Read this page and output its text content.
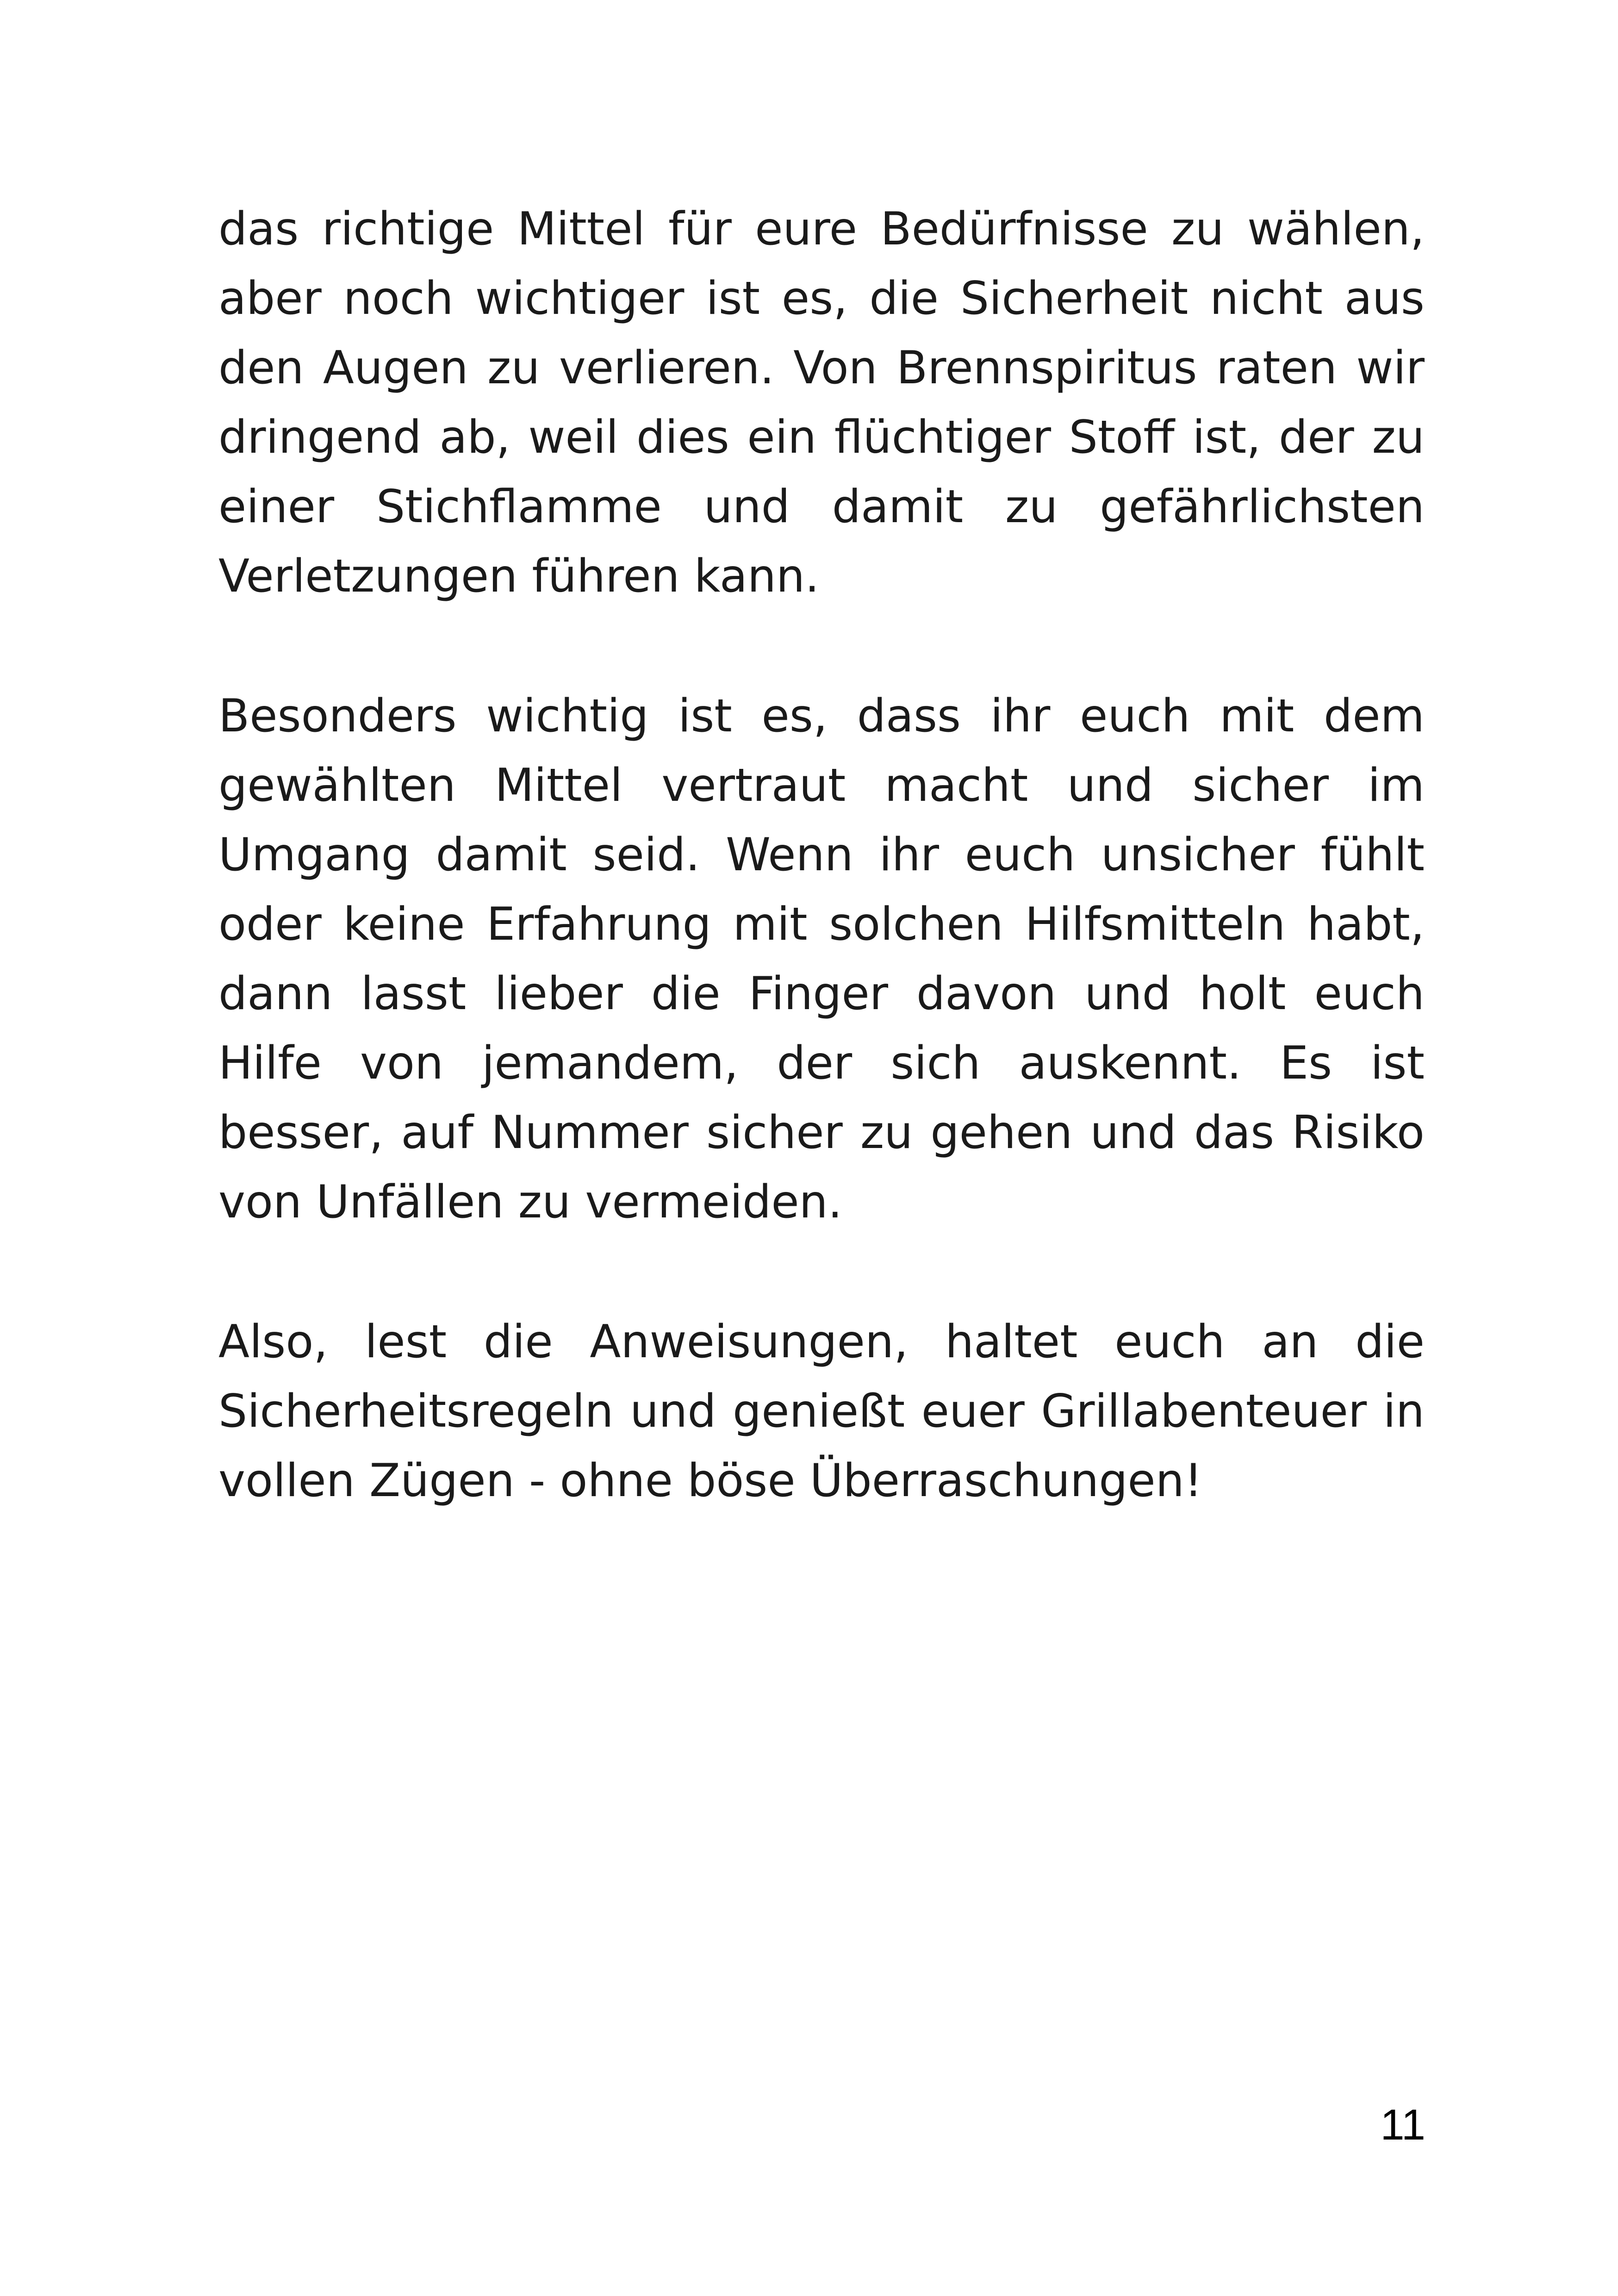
das richtige Mittel für eure Bedürfnisse zu wählen, aber noch wichtiger ist es, die Sicherheit nicht aus den Augen zu verlieren. Von Brennspiritus raten wir dringend ab, weil dies ein flüchtiger Stoff ist, der zu einer Stichflamme und damit zu gefährlichsten Verletzungen führen kann.

Besonders wichtig ist es, dass ihr euch mit dem gewählten Mittel vertraut macht und sicher im Umgang damit seid. Wenn ihr euch unsicher fühlt oder keine Erfahrung mit solchen Hilfsmitteln habt, dann lasst lieber die Finger davon und holt euch Hilfe von jemandem, der sich auskennt. Es ist besser, auf Nummer sicher zu gehen und das Risiko von Unfällen zu vermeiden.

Also, lest die Anweisungen, haltet euch an die Sicherheitsregeln und genießt euer Grillabenteuer in vollen Zügen - ohne böse Überraschungen!

11
